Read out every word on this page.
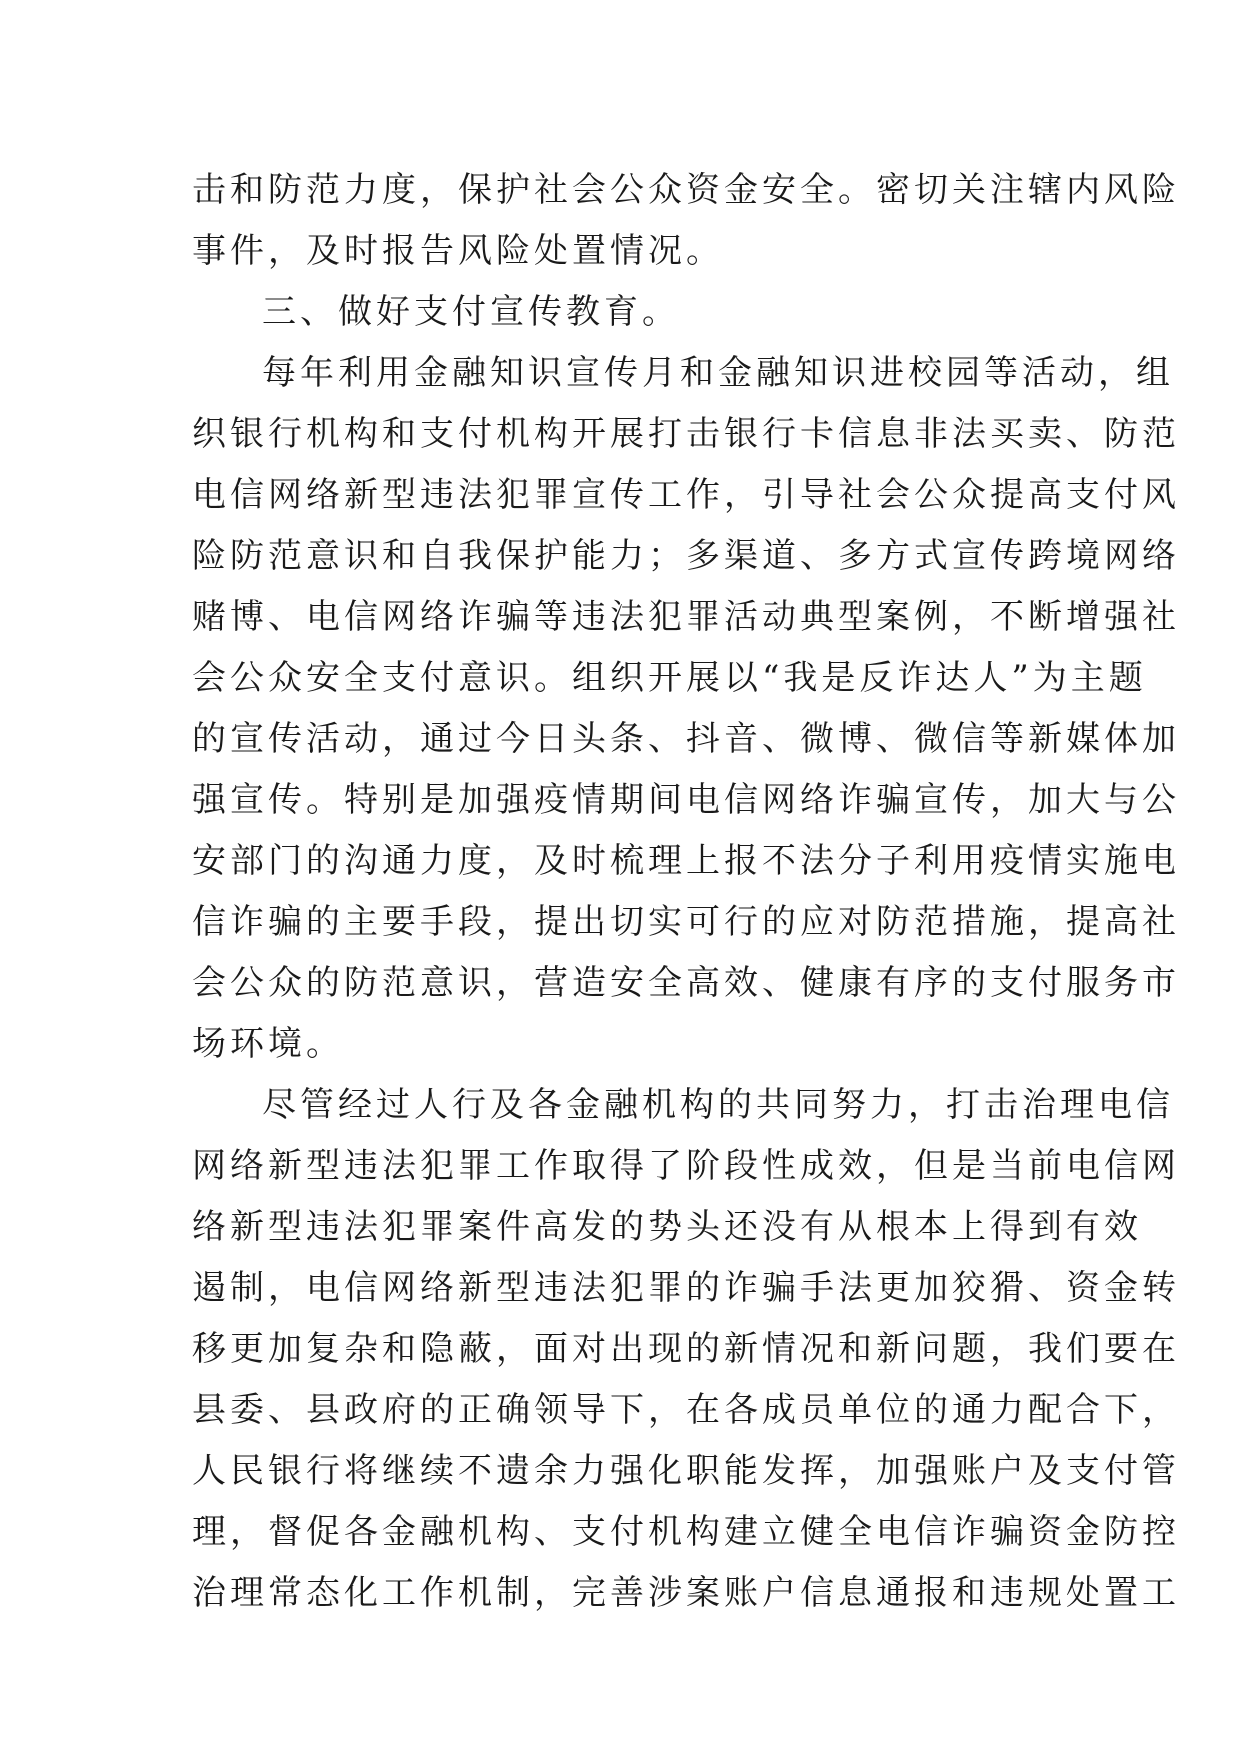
击和防范力度，保护社会公众资金安全。密切关注辖内风险
事件，及时报告风险处置情况。
三、做好支付宣传教育。
每年利用金融知识宣传月和金融知识进校园等活动，组
织银行机构和支付机构开展打击银行卡信息非法买卖、防范
电信网络新型违法犯罪宣传工作，引导社会公众提高支付风
险防范意识和自我保护能力；多渠道、多方式宣传跨境网络
赌博、电信网络诈骗等违法犯罪活动典型案例，不断增强社
会公众安全支付意识。组织开展以“我是反诈达人”为主题
的宣传活动，通过今日头条、抖音、微博、微信等新媒体加
强宣传。特别是加强疫情期间电信网络诈骗宣传，加大与公
安部门的沟通力度，及时梳理上报不法分子利用疫情实施电
信诈骗的主要手段，提出切实可行的应对防范措施，提高社
会公众的防范意识，营造安全高效、健康有序的支付服务市
场环境。
尽管经过人行及各金融机构的共同努力，打击治理电信
网络新型违法犯罪工作取得了阶段性成效，但是当前电信网
络新型违法犯罪案件高发的势头还没有从根本上得到有效
遏制，电信网络新型违法犯罪的诈骗手法更加狡猾、资金转
移更加复杂和隐蔽，面对出现的新情况和新问题，我们要在
县委、县政府的正确领导下，在各成员单位的通力配合下，
人民银行将继续不遗余力强化职能发挥，加强账户及支付管
理，督促各金融机构、支付机构建立健全电信诈骗资金防控
治理常态化工作机制，完善涉案账户信息通报和违规处置工
